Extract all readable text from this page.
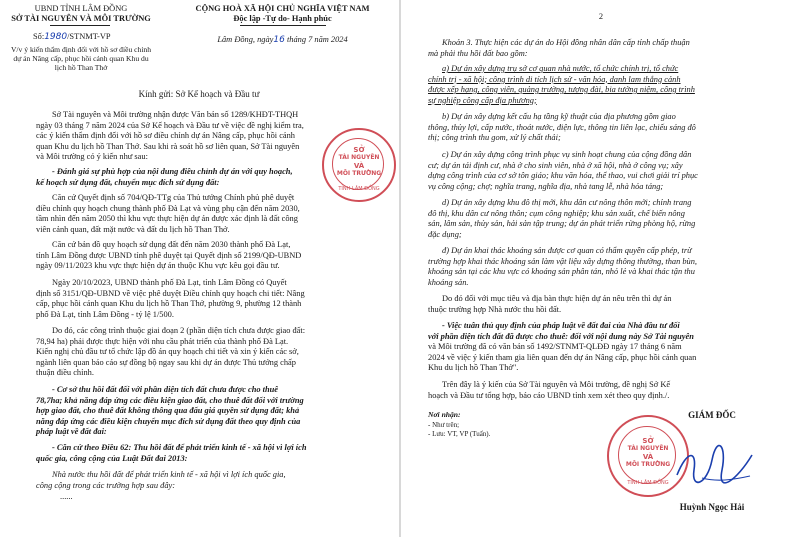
UBND TỈNH LÂM ĐỒNG
SỞ TÀI NGUYÊN VÀ MÔI TRƯỜNG
Số:1980/STNMT-VP
V/v ý kiến thẩm định đối với hồ sơ điều chỉnh
dự án Nâng cấp, phục hồi cảnh quan Khu du
lịch hồ Than Thở
CỘNG HOÀ XÃ HỘI CHỦ NGHĨA VIỆT NAM
Độc lập -Tự do- Hạnh phúc
Lâm Đồng, ngày16 tháng 7 năm 2024
Kính gửi: Sở Kế hoạch và Đầu tư
Sở Tài nguyên và Môi trường nhận được Văn bản số 1289/KHĐT-THQH
ngày 03 tháng 7 năm 2024 của Sở Kế hoạch và Đầu tư về việc đề nghị kiểm tra,
các ý kiến thẩm định đối với hồ sơ điều chỉnh dự án Nâng cấp, phục hồi cảnh
quan Khu du lịch hồ Than Thở. Sau khi rà soát hồ sơ liên quan, Sở Tài nguyên
và Môi trường có ý kiến như sau:
- Đánh giá sự phù hợp của nội dung điều chỉnh dự án với quy hoạch,
kế hoạch sử dụng đất, chuyển mục đích sử dụng đất:
Căn cứ Quyết định số 704/QĐ-TTg của Thủ tướng Chính phủ phê duyệt
điều chỉnh quy hoạch chung thành phố Đà Lạt và vùng phụ cận đến năm 2030,
tầm nhìn đến năm 2050 thì khu vực thực hiện dự án được xác định là đất công
viên cảnh quan, đất mặt nước và đất du lịch hồ Than Thở.
Căn cứ bản đồ quy hoạch sử dụng đất đến năm 2030 thành phố Đà Lạt,
tỉnh Lâm Đồng được UBND tỉnh phê duyệt tại Quyết định số 2199/QĐ-UBND
ngày 09/11/2023 khu vực thực hiện dự án thuộc Khu vực kêu gọi đầu tư.
Ngày 20/10/2023, UBND thành phố Đà Lạt, tỉnh Lâm Đồng có Quyết
định số 3151/QĐ-UBND về việc phê duyệt Điều chỉnh quy hoạch chi tiết: Nâng
cấp, phục hồi cảnh quan Khu du lịch hồ Than Thở, phường 9, phường 12 thành
phố Đà Lạt, tỉnh Lâm Đồng - tỷ lệ 1/500.
Do đó, các công trình thuộc giai đoạn 2 (phần diện tích chưa được giao đất:
78,94 ha) phải được thực hiện với nhu cầu phát triển của thành phố Đà Lạt.
Kiến nghị chủ đầu tư tổ chức lập đồ án quy hoạch chi tiết và xin ý kiến các sở,
ngành liên quan báo cáo sự đồng bộ ngay sau khi dự án được Thủ tướng chấp
thuận điều chỉnh.
- Cơ sở thu hồi đất đối với phần diện tích đất chưa được cho thuê
78,7ha; khả năng đáp ứng các điều kiện giao đất, cho thuê đất đối với trường
hợp giao đất, cho thuê đất không thông qua đấu giá quyền sử dụng đất; khả
năng đáp ứng các điều kiện chuyển mục đích sử dụng đất theo quy định của
pháp luật về đất đai:
- Căn cứ theo Điều 62: Thu hồi đất để phát triển kinh tế - xã hội vì lợi ích
quốc gia, công cộng của Luật Đất đai 2013:
Nhà nước thu hồi đất để phát triển kinh tế - xã hội vì lợi ích quốc gia,
công cộng trong các trường hợp sau đây:
......
SỞ
TÀI NGUYÊN
VÀ
MÔI TRƯỜNG
TỈNH LÂM ĐỒNG
2
Khoản 3. Thực hiện các dự án do Hội đồng nhân dân cấp tỉnh chấp thuận
mà phải thu hồi đất bao gồm:
a) Dự án xây dựng trụ sở cơ quan nhà nước, tổ chức chính trị, tổ chức
chính trị - xã hội; công trình di tích lịch sử - văn hóa, danh lam thắng cảnh
được xếp hạng, công viên, quảng trường, tượng đài, bia tưởng niệm, công trình
sự nghiệp công cấp địa phương;
b) Dự án xây dựng kết cấu hạ tầng kỹ thuật của địa phương gồm giao
thông, thủy lợi, cấp nước, thoát nước, điện lực, thông tin liên lạc, chiếu sáng đô
thị; công trình thu gom, xử lý chất thải;
c) Dự án xây dựng công trình phục vụ sinh hoạt chung của cộng đồng dân
cư; dự án tái định cư, nhà ở cho sinh viên, nhà ở xã hội, nhà ở công vụ; xây
dựng công trình của cơ sở tôn giáo; khu văn hóa, thể thao, vui chơi giải trí phục
vụ công cộng; chợ; nghĩa trang, nghĩa địa, nhà tang lễ, nhà hỏa táng;
d) Dự án xây dựng khu đô thị mới, khu dân cư nông thôn mới; chỉnh trang
đô thị, khu dân cư nông thôn; cụm công nghiệp; khu sản xuất, chế biến nông
sản, lâm sản, thủy sản, hải sản tập trung; dự án phát triển rừng phòng hộ, rừng
đặc dụng;
đ) Dự án khai thác khoáng sản được cơ quan có thẩm quyền cấp phép, trừ
trường hợp khai thác khoáng sản làm vật liệu xây dựng thông thường, than bùn,
khoáng sản tại các khu vực có khoáng sản phân tán, nhỏ lẻ và khai thác tận thu
khoáng sản.
Do đó đối với mục tiêu và địa bàn thực hiện dự án nêu trên thì dự án
thuộc trường hợp Nhà nước thu hồi đất.
- Việc tuân thủ quy định của pháp luật về đất đai của Nhà đầu tư đối
với phần diện tích đất đã được cho thuê: đối với nội dung này Sở Tài nguyên
và Môi trường đã có văn bản số 1492/STNMT-QLĐĐ ngày 17 tháng 6 năm
2024 về việc ý kiến tham gia liên quan đến dự án Nâng cấp, phục hồi cảnh quan
Khu du lịch hồ Than Thở".
Trên đây là ý kiến của Sở Tài nguyên và Môi trường, đề nghị Sở Kế
hoạch và Đầu tư tổng hợp, báo cáo UBND tỉnh xem xét theo quy định./.
Nơi nhận:
- Như trên;
- Lưu: VT, VP (Tuấn).
GIÁM ĐỐC
SỞ
TÀI NGUYÊN
VÀ
MÔI TRƯỜNG
TỈNH LÂM ĐỒNG
Huỳnh Ngọc Hải
